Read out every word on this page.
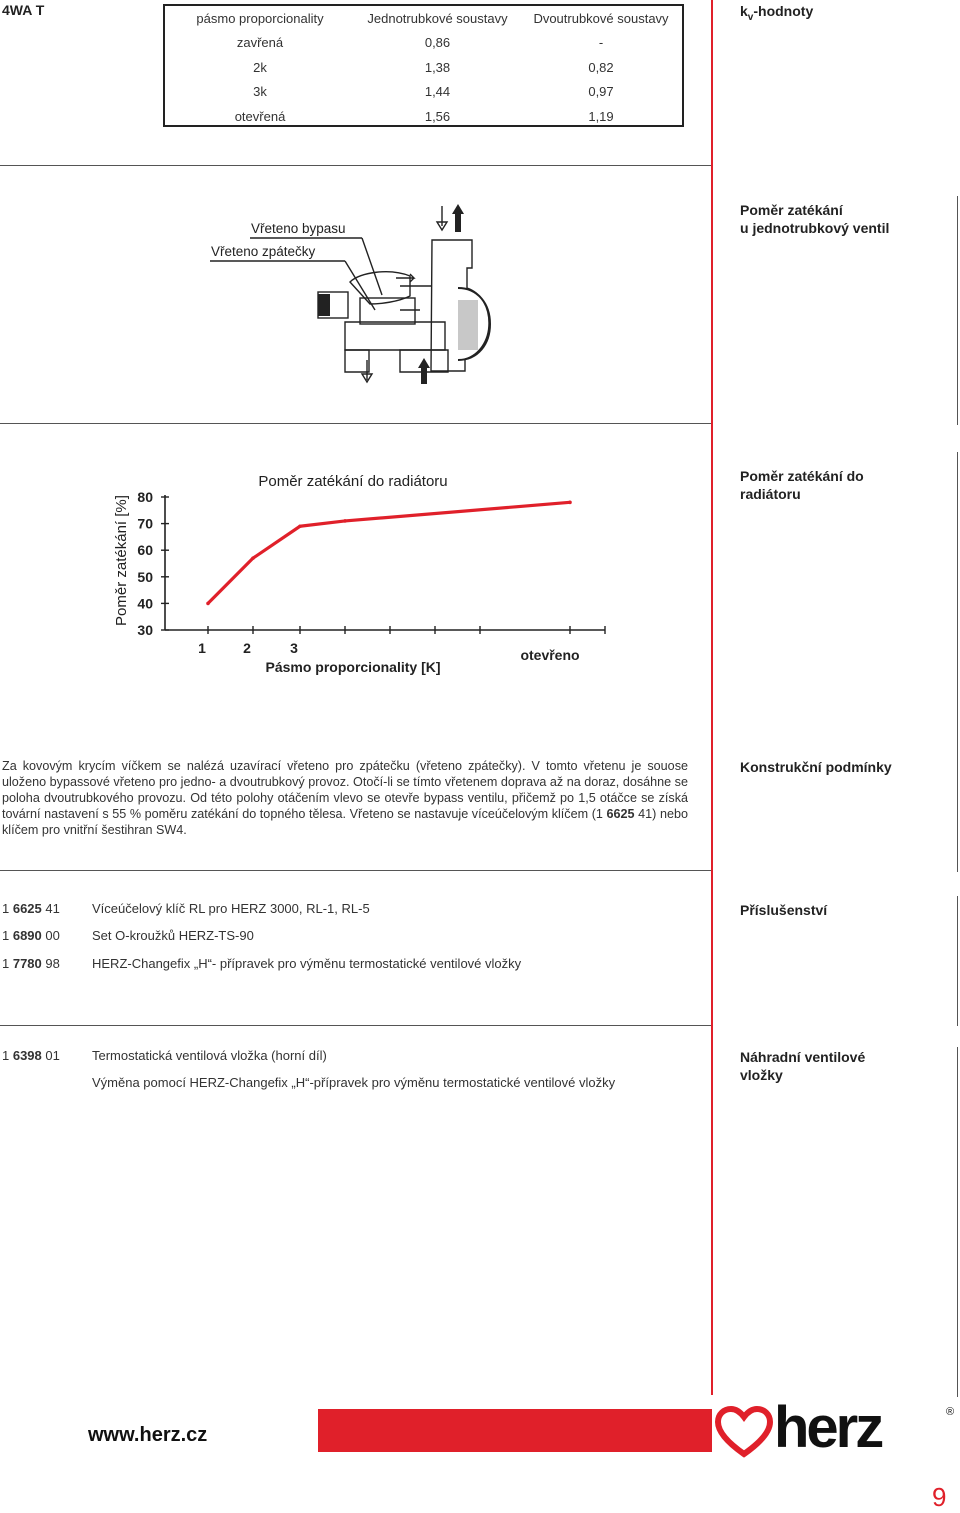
4WA T
pásmo proporcionality	Jednotrubkové soustavy	Dvoutrubkové soustavy
zavřená	0,86	-
2k	1,38	0,82
3k	1,44	0,97
otevřená	1,56	1,19
$k_v$-hodnoty
Vřeteno bypasu
Vřeteno zpátečky
Poměr zatékání
u jednotrubkový ventil
30
40
50
60
70
80
1	2	3	otevřeno
Pásmo proporcionality [K]
Poměr zatékání do radiátoru
Poměr zatékání [%]
Poměr zatékání do
radiátoru
Za kovovým krycím víčkem se nalézá uzavírací vřeteno pro zpátečku (vřeteno zpátečky). V tomto vřetenu je souose uloženo bypassové vřeteno pro jedno- a dvoutrubkový provoz. Otočí-li se tímto vřetenem doprava až na doraz, dosáhne se poloha dvoutrubkového provozu. Od této polohy otáčením vlevo se otevře bypass ventilu, přičemž po 1,5 otáčce se získá tovární nastavení s 55 % poměru zatékání do topného tělesa. Vřeteno se nastavuje víceúčelovým klíčem (1 6625 41) nebo klíčem pro vnitřní šestihran SW4.
Konstrukční podmínky
1 6625 41 Víceúčelový klíč RL pro HERZ 3000, RL-1, RL-5
1 6890 00 Set O-kroužků HERZ-TS-90
1 7780 98 HERZ-Changefix „H“- přípravek pro výměnu termostatické ventilové vložky
Příslušenství
1 6398 01 Termostatická ventilová vložka (horní díl)
Výměna pomocí HERZ-Changefix „H“-přípravek pro výměnu termostatické ventilové vložky
Náhradní ventilové
vložky
www.herz.cz	herz	®
9
